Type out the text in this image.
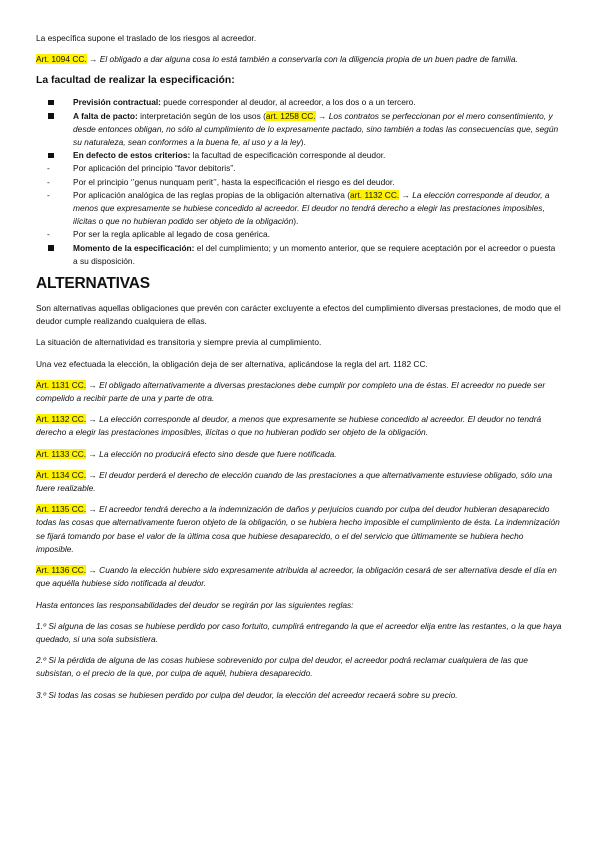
La específica supone el traslado de los riesgos al acreedor.

Art. 1094 CC. → El obligado a dar alguna cosa lo está también a conservarla con la diligencia propia de un buen padre de familia.

La facultad de realizar la especificación:
Previsión contractual: puede corresponder al deudor, al acreedor, a los dos o a un tercero.
A falta de pacto: interpretación según de los usos (art. 1258 CC. → Los contratos se perfeccionan por el mero consentimiento, y desde entonces obligan, no sólo al cumplimiento de lo expresamente pactado, sino también a todas las consecuencias que, según su naturaleza, sean conformes a la buena fe, al uso y a la ley).
En defecto de estos criterios: la facultad de especificación corresponde al deudor.
-	Por aplicación del principio “favor debitoris”.
-	Por el principio ‘’genus nunquam perit’’, hasta la especificación el riesgo es del deudor.
-	Por aplicación analógica de las reglas propias de la obligación alternativa (art. 1132 CC. → La elección corresponde al deudor, a menos que expresamente se hubiese concedido al acreedor. El deudor no tendrá derecho a elegir las prestaciones imposibles, ilícitas o que no hubieran podido ser objeto de la obligación).
-	Por ser la regla aplicable al legado de cosa genérica.
Momento de la especificación: el del cumplimiento; y un momento anterior, que se requiere aceptación por el acreedor o puesta a su disposición.
ALTERNATIVAS

Son alternativas aquellas obligaciones que prevén con carácter excluyente a efectos del cumplimiento diversas prestaciones, de modo que el deudor cumple realizando cualquiera de ellas.

La situación de alternatividad es transitoria y siempre previa al cumplimiento.

Una vez efectuada la elección, la obligación deja de ser alternativa, aplicándose la regla del art. 1182 CC.

Art. 1131 CC. → El obligado alternativamente a diversas prestaciones debe cumplir por completo una de éstas. El acreedor no puede ser compelido a recibir parte de una y parte de otra.

Art. 1132 CC. → La elección corresponde al deudor, a menos que expresamente se hubiese concedido al acreedor. El deudor no tendrá derecho a elegir las prestaciones imposibles, ilícitas o que no hubieran podido ser objeto de la obligación.

Art. 1133 CC. → La elección no producirá efecto sino desde que fuere notificada.

Art. 1134 CC. → El deudor perderá el derecho de elección cuando de las prestaciones a que alternativamente estuviese obligado, sólo una fuere realizable.

Art. 1135 CC. → El acreedor tendrá derecho a la indemnización de daños y perjuicios cuando por culpa del deudor hubieran desaparecido todas las cosas que alternativamente fueron objeto de la obligación, o se hubiera hecho imposible el cumplimiento de ésta. La indemnización se fijará tomando por base el valor de la última cosa que hubiese desaparecido, o el del servicio que últimamente se hubiera hecho imposible.

Art. 1136 CC. → Cuando la elección hubiere sido expresamente atribuida al acreedor, la obligación cesará de ser alternativa desde el día en que aquélla hubiese sido notificada al deudor.

Hasta entonces las responsabilidades del deudor se regirán por las siguientes reglas:

1.º Si alguna de las cosas se hubiese perdido por caso fortuito, cumplirá entregando la que el acreedor elija entre las restantes, o la que haya quedado, si una sola subsistiera.

2.º Si la pérdida de alguna de las cosas hubiese sobrevenido por culpa del deudor, el acreedor podrá reclamar cualquiera de las que subsistan, o el precio de la que, por culpa de aquél, hubiera desaparecido.

3.º Si todas las cosas se hubiesen perdido por culpa del deudor, la elección del acreedor recaerá sobre su precio.
